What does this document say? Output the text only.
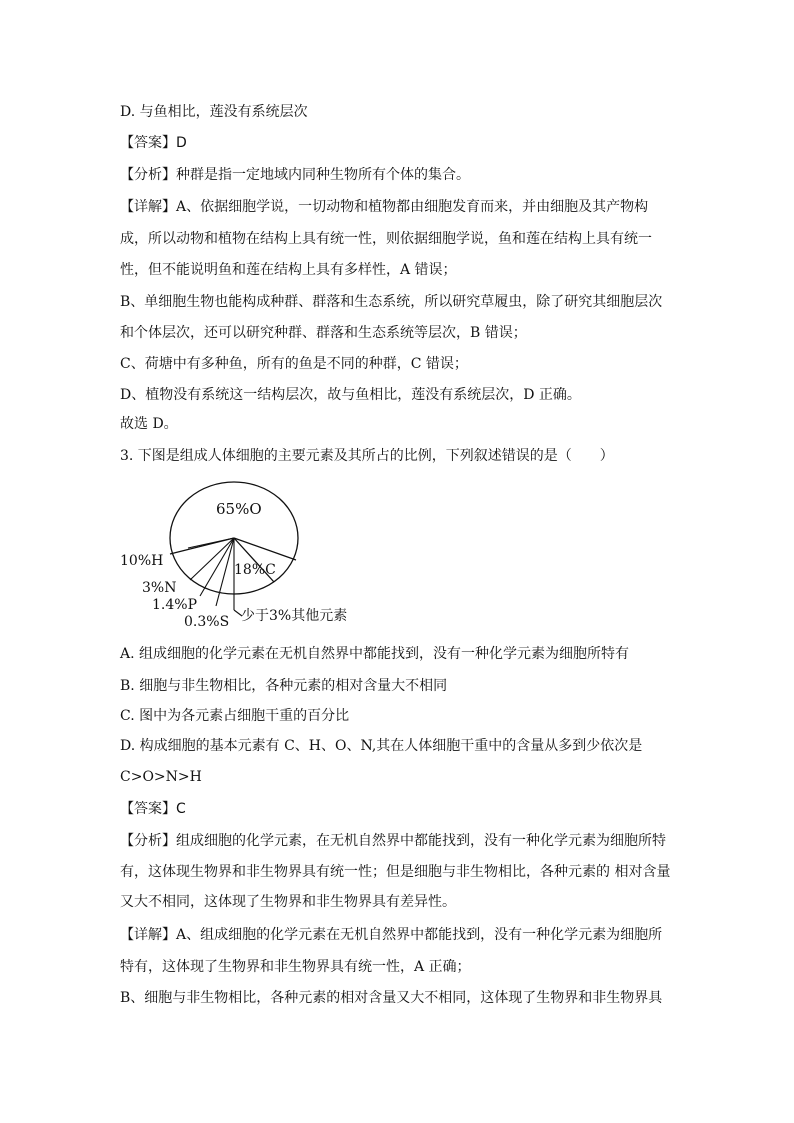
D. 与鱼相比，莲没有系统层次
【答案】D
【分析】种群是指一定地域内同种生物所有个体的集合。
【详解】A、依据细胞学说，一切动物和植物都由细胞发育而来，并由细胞及其产物构
成，所以动物和植物在结构上具有统一性，则依据细胞学说，鱼和莲在结构上具有统一
性，但不能说明鱼和莲在结构上具有多样性，A 错误；
B、单细胞生物也能构成种群、群落和生态系统，所以研究草履虫，除了研究其细胞层次
和个体层次，还可以研究种群、群落和生态系统等层次，B 错误；
C、荷塘中有多种鱼，所有的鱼是不同的种群，C 错误；
D、植物没有系统这一结构层次，故与鱼相比，莲没有系统层次，D 正确。
故选 D。
3. 下图是组成人体细胞的主要元素及其所占的比例，下列叙述错误的是（　　）
65%O
18%C
10%H
3%N
1.4%P
0.3%S 少于3%其他元素
A. 组成细胞的化学元素在无机自然界中都能找到，没有一种化学元素为细胞所特有
B. 细胞与非生物相比，各种元素的相对含量大不相同
C. 图中为各元素占细胞干重的百分比
D. 构成细胞的基本元素有 C、H、O、N,其在人体细胞干重中的含量从多到少依次是
C>O>N>H
【答案】C
【分析】组成细胞的化学元素，在无机自然界中都能找到，没有一种化学元素为细胞所特
有，这体现生物界和非生物界具有统一性；但是细胞与非生物相比，各种元素的 相对含量
又大不相同，这体现了生物界和非生物界具有差异性。
【详解】A、组成细胞的化学元素在无机自然界中都能找到，没有一种化学元素为细胞所
特有，这体现了生物界和非生物界具有统一性，A 正确；
B、细胞与非生物相比，各种元素的相对含量又大不相同，这体现了生物界和非生物界具
